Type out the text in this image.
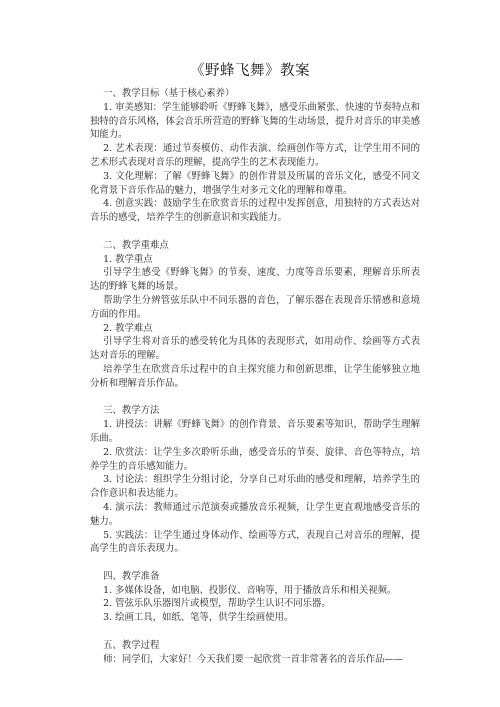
《野蜂飞舞》教案

一、教学目标（基于核心素养）

1. 审美感知：学生能够聆听《野蜂飞舞》，感受乐曲紧张、快速的节奏特点和独特的音乐风格，体会音乐所营造的野蜂飞舞的生动场景，提升对音乐的审美感知能力。

2. 艺术表现：通过节奏模仿、动作表演、绘画创作等方式，让学生用不同的艺术形式表现对音乐的理解，提高学生的艺术表现能力。

3. 文化理解：了解《野蜂飞舞》的创作背景及所属的音乐文化，感受不同文化背景下音乐作品的魅力，增强学生对多元文化的理解和尊重。

4. 创意实践：鼓励学生在欣赏音乐的过程中发挥创意，用独特的方式表达对音乐的感受，培养学生的创新意识和实践能力。

二、教学重难点

1. 教学重点

引导学生感受《野蜂飞舞》的节奏、速度、力度等音乐要素，理解音乐所表达的野蜂飞舞的场景。

帮助学生分辨管弦乐队中不同乐器的音色，了解乐器在表现音乐情感和意境方面的作用。

2. 教学难点

引导学生将对音乐的感受转化为具体的表现形式，如用动作、绘画等方式表达对音乐的理解。

培养学生在欣赏音乐过程中的自主探究能力和创新思维，让学生能够独立地分析和理解音乐作品。

三、教学方法

1. 讲授法：讲解《野蜂飞舞》的创作背景、音乐要素等知识，帮助学生理解乐曲。

2. 欣赏法：让学生多次聆听乐曲，感受音乐的节奏、旋律、音色等特点，培养学生的音乐感知能力。

3. 讨论法：组织学生分组讨论，分享自己对乐曲的感受和理解，培养学生的合作意识和表达能力。

4. 演示法：教师通过示范演奏或播放音乐视频，让学生更直观地感受音乐的魅力。

5. 实践法：让学生通过身体动作、绘画等方式，表现自己对音乐的理解，提高学生的音乐表现力。

四、教学准备

1. 多媒体设备，如电脑、投影仪、音响等，用于播放音乐和相关视频。

2. 管弦乐队乐器图片或模型，帮助学生认识不同乐器。

3. 绘画工具，如纸、笔等，供学生绘画使用。

五、教学过程

师：同学们，大家好！今天我们要一起欣赏一首非常著名的音乐作品——
